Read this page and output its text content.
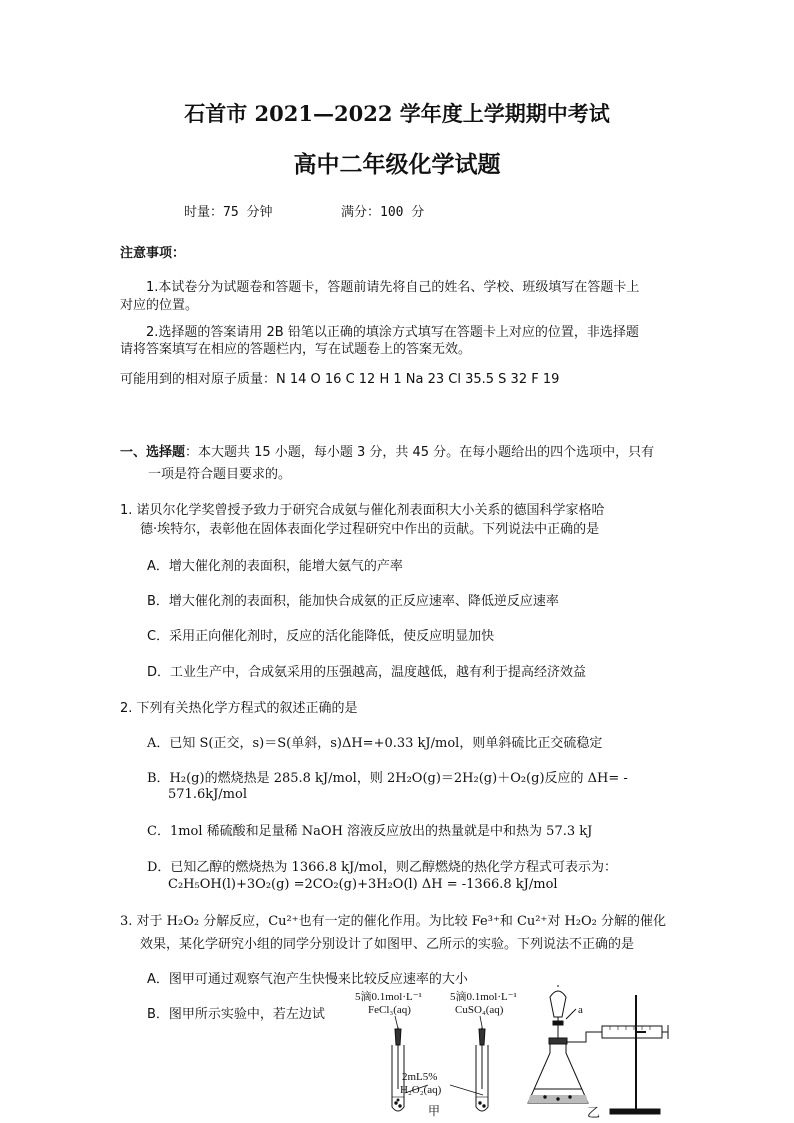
石首市 2021—2022 学年度上学期期中考试
高中二年级化学试题
时量：75 分钟	满分：100 分
注意事项：
1.本试卷分为试题卷和答题卡，答题前请先将自己的姓名、学校、班级填写在答题卡上
对应的位置。
2.选择题的答案请用 2B 铅笔以正确的填涂方式填写在答题卡上对应的位置，非选择题
请将答案填写在相应的答题栏内，写在试题卷上的答案无效。
可能用到的相对原子质量：N 14 O 16 C 12 H 1 Na 23 Cl 35.5 S 32 F 19
一、选择题：本大题共 15 小题，每小题 3 分，共 45 分。在每小题给出的四个选项中，只有
一项是符合题目要求的。
1. 诺贝尔化学奖曾授予致力于研究合成氨与催化剂表面积大小关系的德国科学家格哈
德·埃特尔，表彰他在固体表面化学过程研究中作出的贡献。下列说法中正确的是
A．增大催化剂的表面积，能增大氨气的产率
B．增大催化剂的表面积，能加快合成氨的正反应速率、降低逆反应速率
C．采用正向催化剂时，反应的活化能降低，使反应明显加快
D．工业生产中，合成氨采用的压强越高，温度越低，越有利于提高经济效益
2. 下列有关热化学方程式的叙述正确的是
A．已知 S(正交，s)＝S(单斜，s)ΔH=+0.33 kJ/mol，则单斜硫比正交硫稳定
B．H₂(g)的燃烧热是 285.8 kJ/mol，则 2H₂O(g)＝2H₂(g)＋O₂(g)反应的 ΔH= -
571.6kJ/mol
C．1mol 稀硫酸和足量稀 NaOH 溶液反应放出的热量就是中和热为 57.3 kJ
D．已知乙醇的燃烧热为 1366.8 kJ/mol，则乙醇燃烧的热化学方程式可表示为：
C₂H₅OH(l)+3O₂(g) =2CO₂(g)+3H₂O(l) ΔH = -1366.8 kJ/mol
3. 对于 H₂O₂ 分解反应，Cu²⁺也有一定的催化作用。为比较 Fe³⁺和 Cu²⁺对 H₂O₂ 分解的催化
效果，某化学研究小组的同学分别设计了如图甲、乙所示的实验。下列说法不正确的是
A．图甲可通过观察气泡产生快慢来比较反应速率的大小
B．图甲所示实验中，若左边试
5滴0.1mol·L⁻¹
FeCl₃(aq)
5滴0.1mol·L⁻¹
CuSO₄(aq)
2mL5%
H₂O₂(aq)
甲	乙
a
